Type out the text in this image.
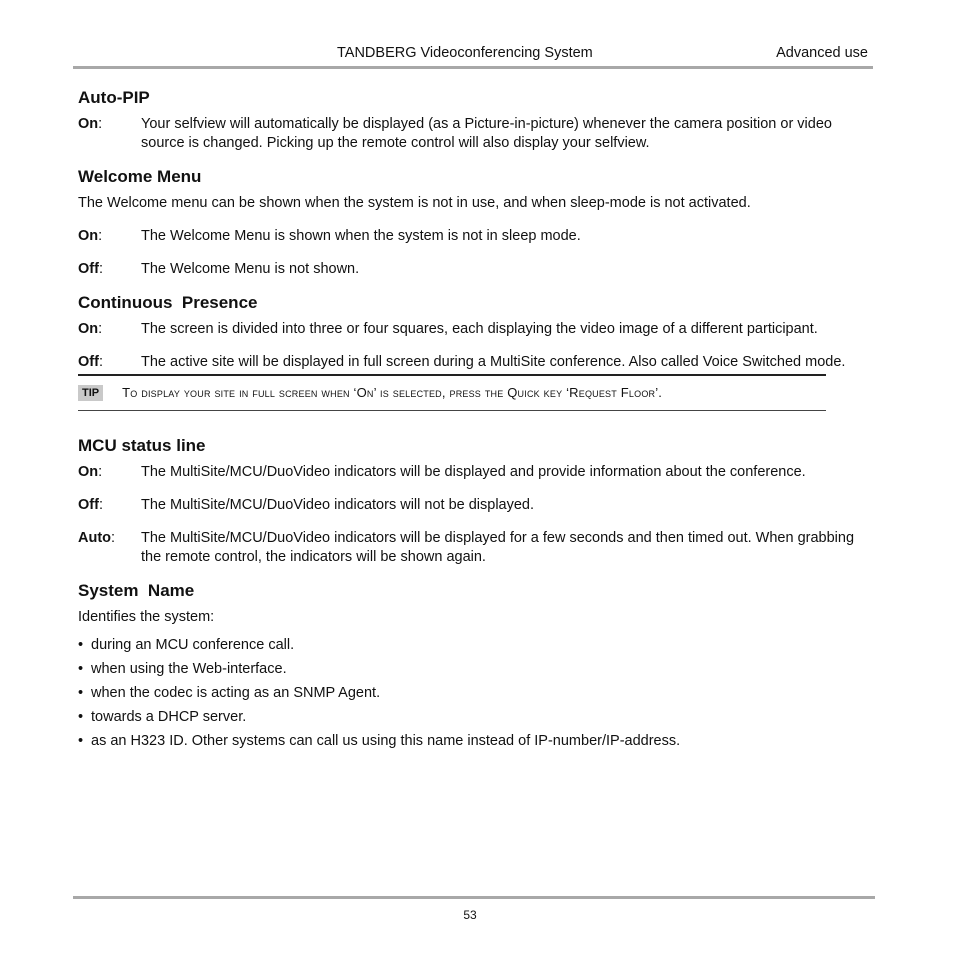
TANDBERG Videoconferencing System	Advanced use
Auto-PIP
On:	Your selfview will automatically be displayed (as a Picture-in-picture) whenever the camera position or video source is changed. Picking up the remote control will also display your selfview.
Welcome Menu

The Welcome menu can be shown when the system is not in use, and when sleep-mode is not activated.

On:	The Welcome Menu is shown when the system is not in sleep mode.
Off:	The Welcome Menu is not shown.
Continuous  Presence
On:	The screen is divided into three or four squares, each displaying the video image of a different participant.
Off:	The active site will be displayed in full screen during a MultiSite conference. Also called Voice Switched mode.
TIP	To display your site in full screen when ‘On’ is selected, press the Quick key ‘Request Floor’.
MCU status line
On:	The MultiSite/MCU/DuoVideo indicators will be displayed and provide information about the conference.
Off:	The MultiSite/MCU/DuoVideo indicators will not be displayed.
Auto:	The MultiSite/MCU/DuoVideo indicators will be displayed for a few seconds and then timed out. When grabbing the remote control, the indicators will be shown again.
System  Name

Identifies the system:

• during an MCU conference call.
• when using the Web-interface.
• when the codec is acting as an SNMP Agent.
• towards a DHCP server.
• as an H323 ID. Other systems can call us using this name instead of IP-number/IP-address.
53
